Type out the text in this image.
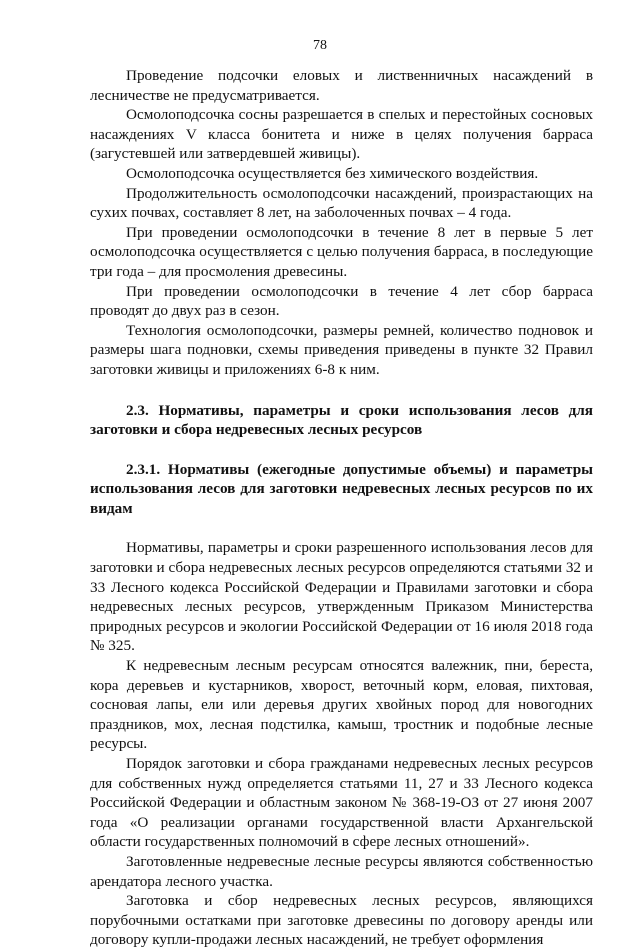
78

Проведение подсочки еловых и лиственничных насаждений в лесничестве не предусматривается.

Осмолоподсочка сосны разрешается в спелых и перестойных сосновых насаждениях V класса бонитета и ниже в целях получения барраса (загустевшей или затвердевшей живицы).

Осмолоподсочка осуществляется без химического воздействия.

Продолжительность осмолоподсочки насаждений, произрастающих на сухих почвах, составляет 8 лет, на заболоченных почвах – 4 года.

При проведении осмолоподсочки в течение 8 лет в первые 5 лет осмолоподсочка осуществляется с целью получения барраса, в последующие три года – для просмоления древесины.

При проведении осмолоподсочки в течение 4 лет сбор барраса проводят до двух раз в сезон.

Технология осмолоподсочки, размеры ремней, количество подновок и размеры шага подновки, схемы приведения приведены в пункте 32 Правил заготовки живицы и приложениях 6-8 к ним.

2.3. Нормативы, параметры и сроки использования лесов для заготовки и сбора недревесных лесных ресурсов
2.3.1. Нормативы (ежегодные допустимые объемы) и параметры использования лесов для заготовки недревесных лесных ресурсов по их видам

Нормативы, параметры и сроки разрешенного использования лесов для заготовки и сбора недревесных лесных ресурсов определяются статьями 32 и 33 Лесного кодекса Российской Федерации и Правилами заготовки и сбора недревесных лесных ресурсов, утвержденным Приказом Министерства природных ресурсов и экологии Российской Федерации от 16 июля 2018 года № 325.

К недревесным лесным ресурсам относятся валежник, пни, береста, кора деревьев и кустарников, хворост, веточный корм, еловая, пихтовая, сосновая лапы, ели или деревья других хвойных пород для новогодних праздников, мох, лесная подстилка, камыш, тростник и подобные лесные ресурсы.

Порядок заготовки и сбора гражданами недревесных лесных ресурсов для собственных нужд определяется статьями 11, 27 и 33 Лесного кодекса Российской Федерации и областным законом № 368-19-ОЗ от 27 июня 2007 года «О реализации органами государственной власти Архангельской области государственных полномочий в сфере лесных отношений».

Заготовленные недревесные лесные ресурсы являются собственностью арендатора лесного участка.

Заготовка и сбор недревесных лесных ресурсов, являющихся порубочными остатками при заготовке древесины по договору аренды или договору купли-продажи лесных насаждений, не требует оформления
